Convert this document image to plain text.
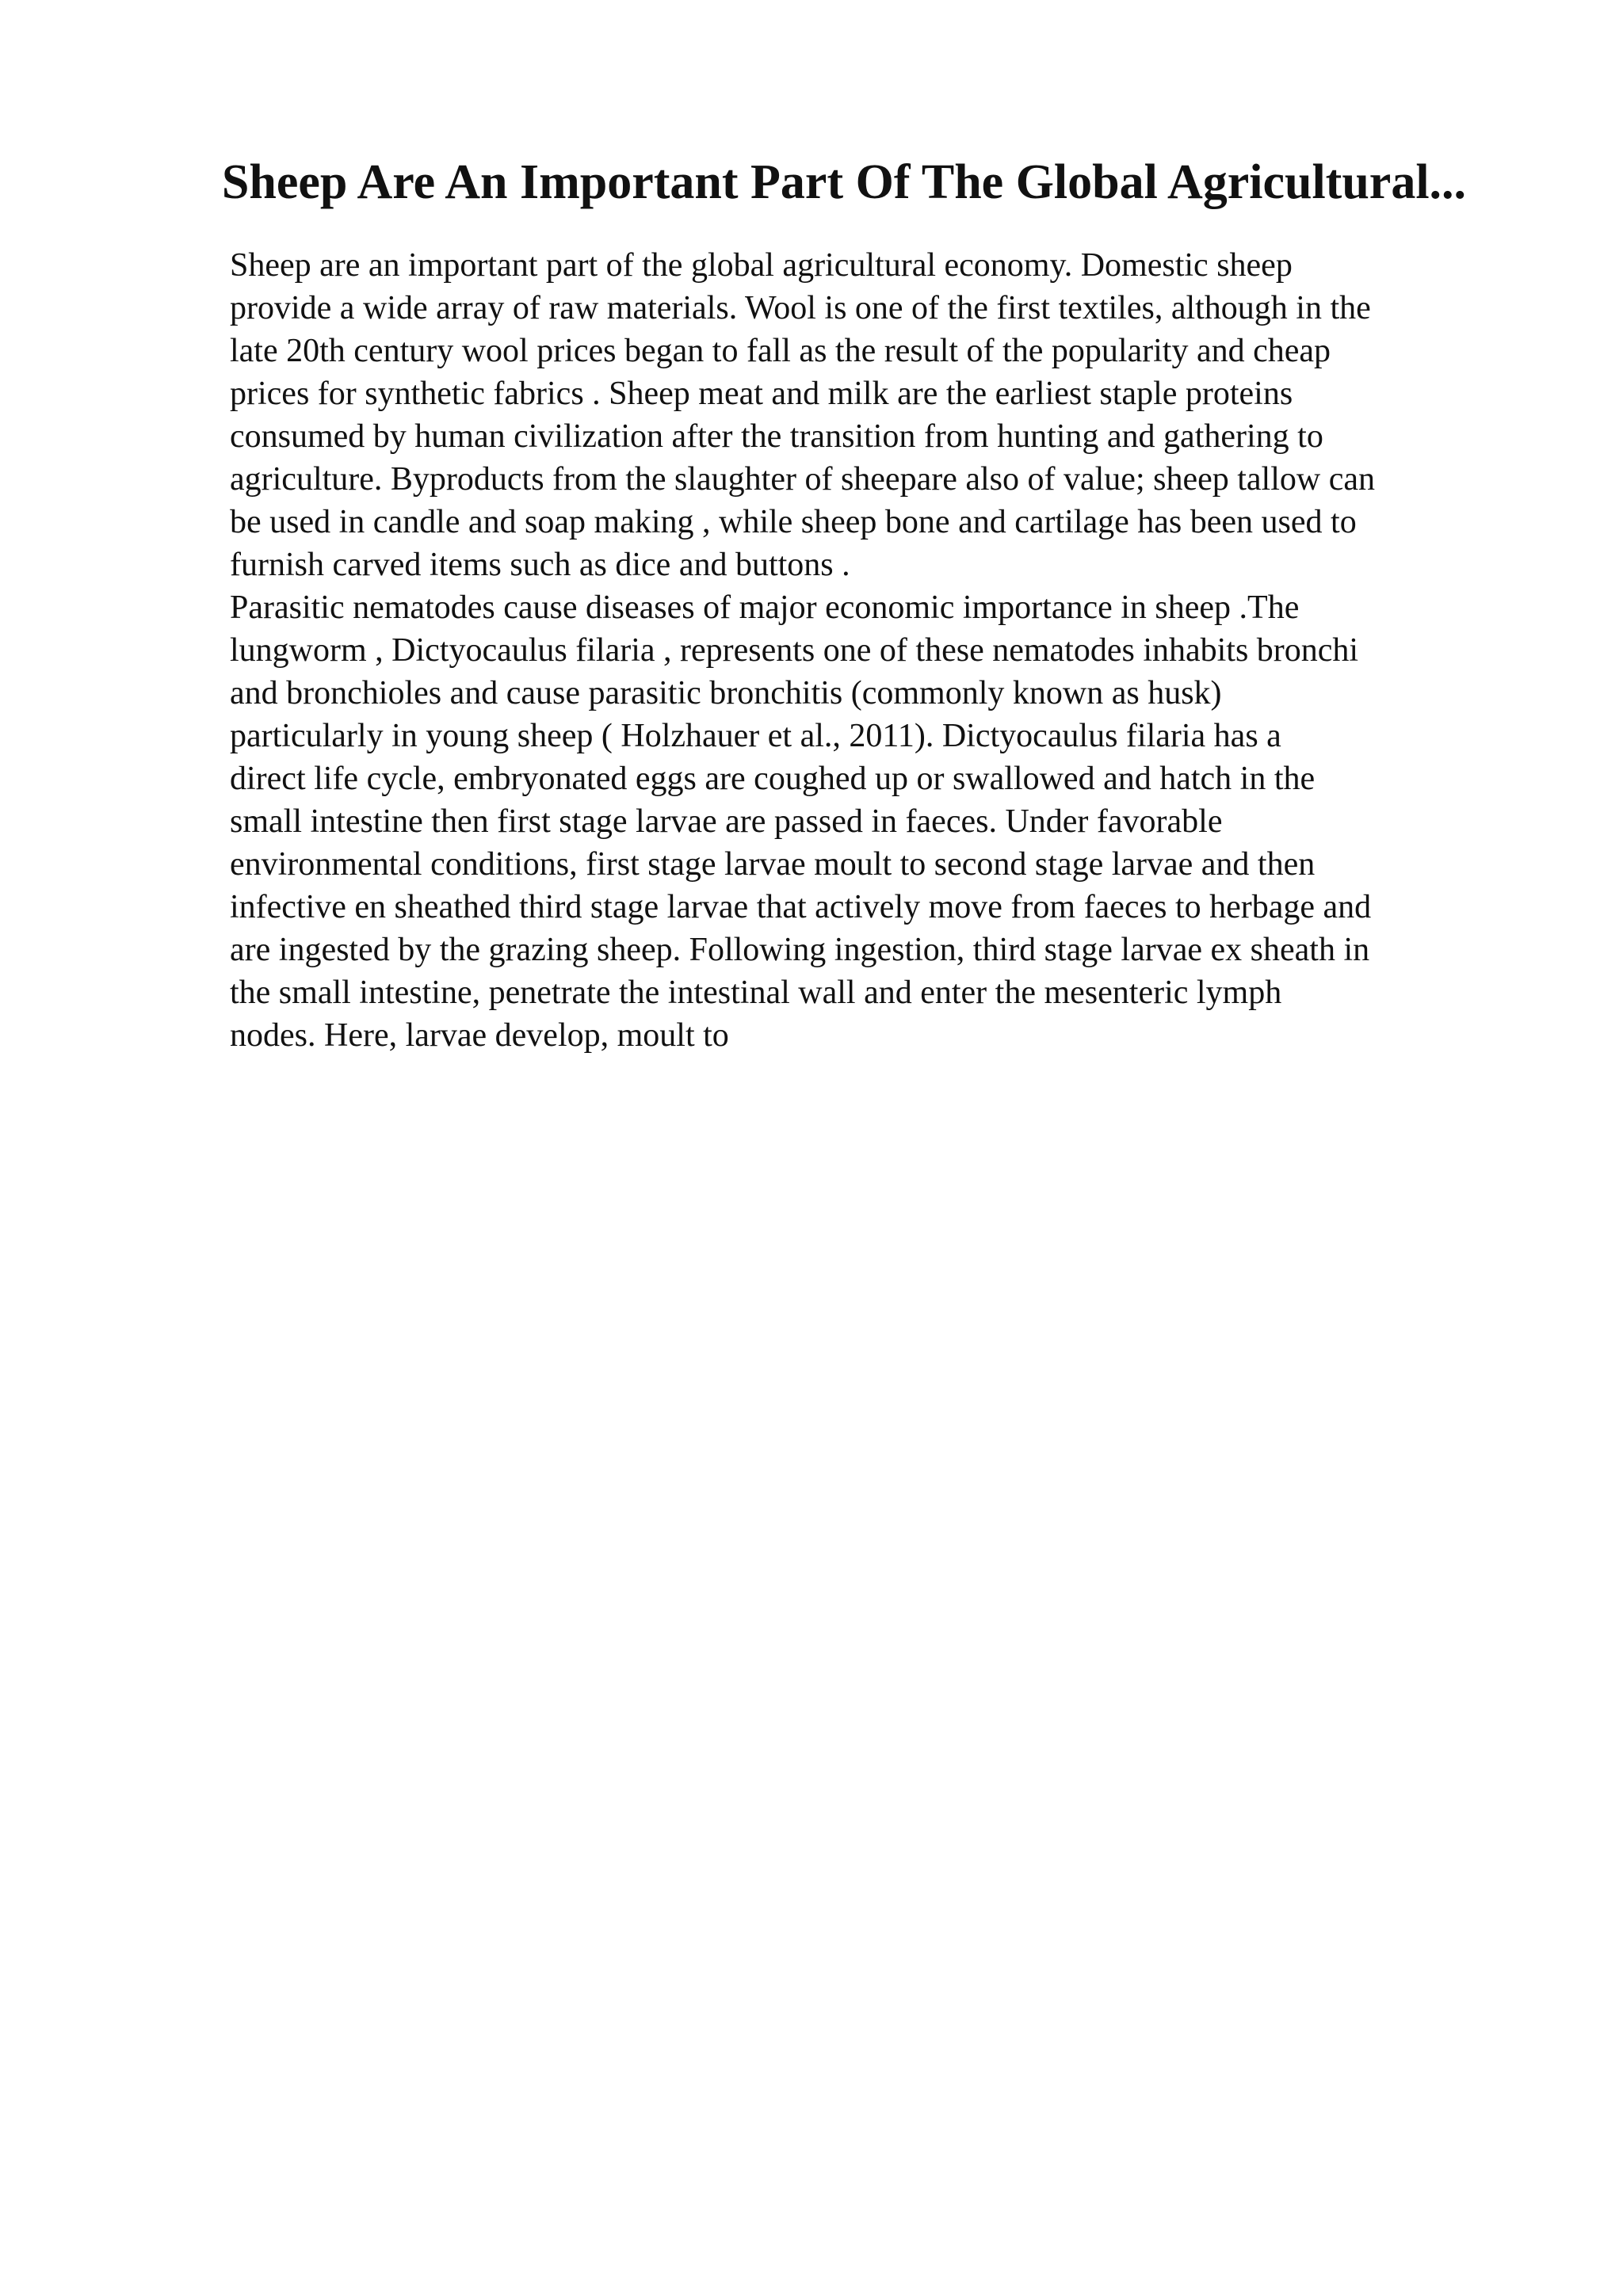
Sheep Are An Important Part Of The Global Agricultural...
Sheep are an important part of the global agricultural economy. Domestic sheep
provide a wide array of raw materials. Wool is one of the first textiles, although in the
late 20th century wool prices began to fall as the result of the popularity and cheap
prices for synthetic fabrics . Sheep meat and milk are the earliest staple proteins
consumed by human civilization after the transition from hunting and gathering to
agriculture. Byproducts from the slaughter of sheepare also of value; sheep tallow can
be used in candle and soap making , while sheep bone and cartilage has been used to
furnish carved items such as dice and buttons .
Parasitic nematodes cause diseases of major economic importance in sheep .The
lungworm , Dictyocaulus filaria , represents one of these nematodes inhabits bronchi
and bronchioles and cause parasitic bronchitis (commonly known as husk)
particularly in young sheep ( Holzhauer et al., 2011). Dictyocaulus filaria has a
direct life cycle, embryonated eggs are coughed up or swallowed and hatch in the
small intestine then first stage larvae are passed in faeces. Under favorable
environmental conditions, first stage larvae moult to second stage larvae and then
infective en sheathed third stage larvae that actively move from faeces to herbage and
are ingested by the grazing sheep. Following ingestion, third stage larvae ex sheath in
the small intestine, penetrate the intestinal wall and enter the mesenteric lymph
nodes. Here, larvae develop, moult to
